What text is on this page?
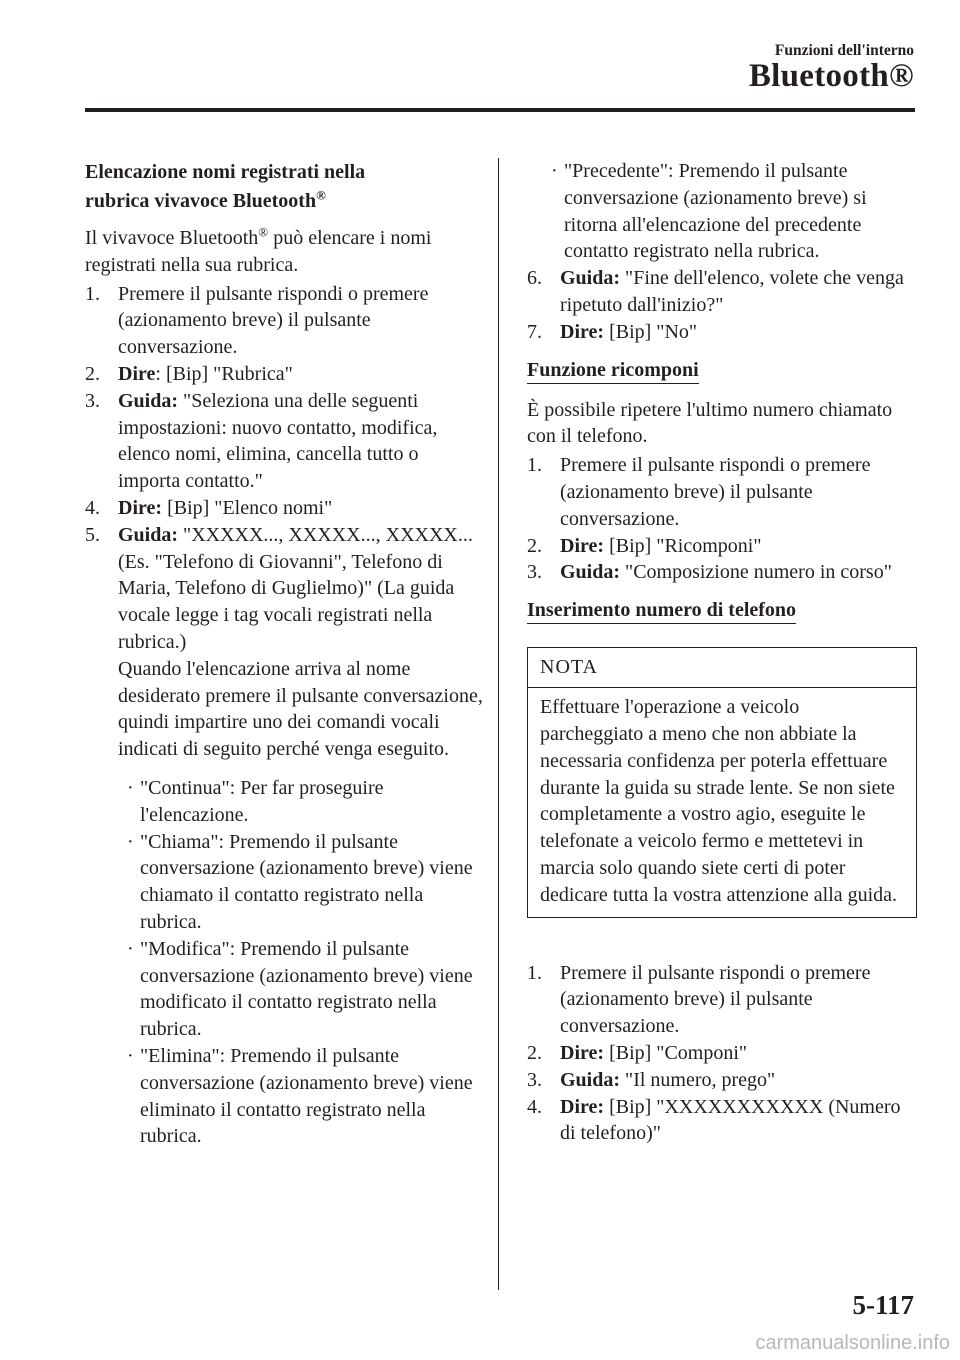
Funzioni dell'interno
Bluetooth®

Elencazione nomi registrati nella
rubrica vivavoce Bluetooth®

Il vivavoce Bluetooth® può elencare i nomi registrati nella sua rubrica.

1. Premere il pulsante rispondi o premere (azionamento breve) il pulsante conversazione.
2. Dire: [Bip] "Rubrica"
3. Guida: "Seleziona una delle seguenti impostazioni: nuovo contatto, modifica, elenco nomi, elimina, cancella tutto o importa contatto."
4. Dire: [Bip] "Elenco nomi"
5. Guida: "XXXXX..., XXXXX..., XXXXX... (Es. "Telefono di Giovanni", Telefono di Maria, Telefono di Guglielmo)" (La guida vocale legge i tag vocali registrati nella rubrica.)

Quando l'elencazione arriva al nome desiderato premere il pulsante conversazione, quindi impartire uno dei comandi vocali indicati di seguito perché venga eseguito.

· "Continua": Per far proseguire l'elencazione.
· "Chiama": Premendo il pulsante conversazione (azionamento breve) viene chiamato il contatto registrato nella rubrica.
· "Modifica": Premendo il pulsante conversazione (azionamento breve) viene modificato il contatto registrato nella rubrica.
· "Elimina": Premendo il pulsante conversazione (azionamento breve) viene eliminato il contatto registrato nella rubrica.
· "Precedente": Premendo il pulsante conversazione (azionamento breve) si ritorna all'elencazione del precedente contatto registrato nella rubrica.
6. Guida: "Fine dell'elenco, volete che venga ripetuto dall'inizio?"
7. Dire: [Bip] "No"
Funzione ricomponi

È possibile ripetere l'ultimo numero chiamato con il telefono.

1. Premere il pulsante rispondi o premere (azionamento breve) il pulsante conversazione.
2. Dire: [Bip] "Ricomponi"
3. Guida: "Composizione numero in corso"
Inserimento numero di telefono
NOTA
Effettuare l'operazione a veicolo parcheggiato a meno che non abbiate la necessaria confidenza per poterla effettuare durante la guida su strade lente. Se non siete completamente a vostro agio, eseguite le telefonate a veicolo fermo e mettetevi in marcia solo quando siete certi di poter dedicare tutta la vostra attenzione alla guida.
1. Premere il pulsante rispondi o premere (azionamento breve) il pulsante conversazione.
2. Dire: [Bip] "Componi"
3. Guida: "Il numero, prego"
4. Dire: [Bip] "XXXXXXXXXXX (Numero di telefono)"
5-117
carmanualsonline.info
